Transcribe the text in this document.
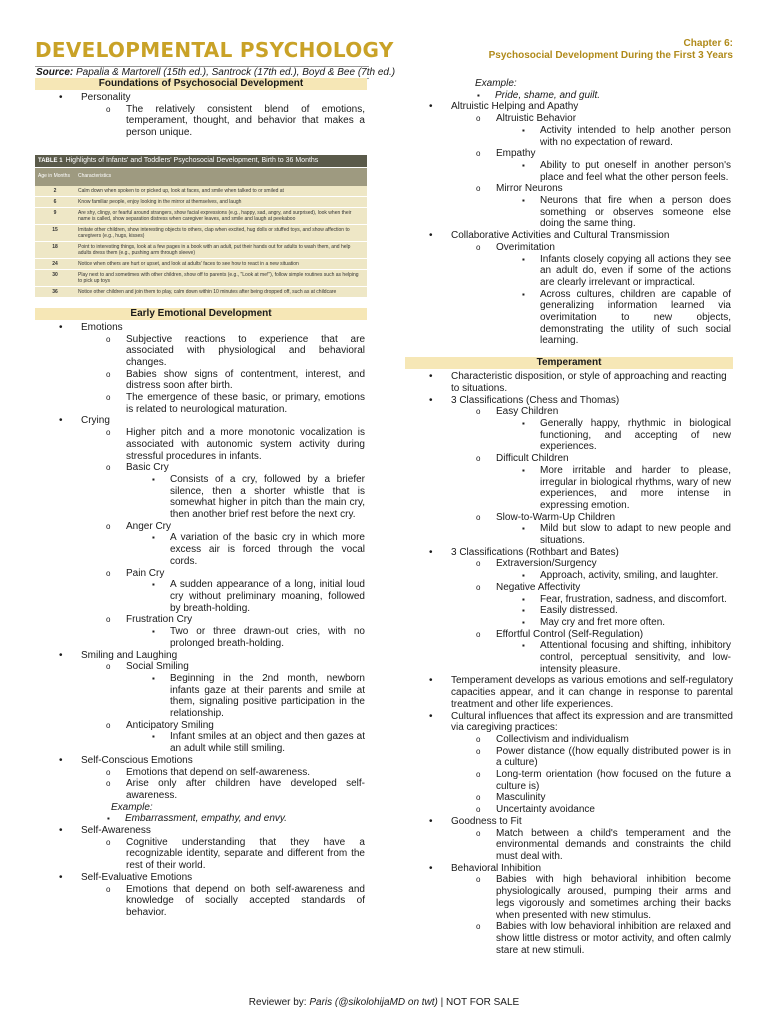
DEVELOPMENTAL PSYCHOLOGY	Chapter 6:
Psychosocial Development During the First 3 Years
Source: Papalia & Martorell (15th ed.), Santrock (17th ed.), Boyd & Bee (7th ed.)
Foundations of Psychosocial Development
• Personality
o The relatively consistent blend of emotions, temperament, thought, and behavior that makes a person unique.
TABLE 1 Highlights of Infants' and Toddlers' Psychosocial Development, Birth to 36 Months	
Age in Months	Characteristics
2	Calm down when spoken to or picked up, look at faces, and smile when talked to or smiled at
6	Know familiar people, enjoy looking in the mirror at themselves, and laugh
9	Are shy, clingy, or fearful around strangers, show facial expressions (e.g., happy, sad, angry, and surprised), look when their name is called, show separation distress when caregiver leaves, and smile and laugh at peekaboo
15	Imitate other children, show interesting objects to others, clap when excited, hug dolls or stuffed toys, and show affection to caregivers (e.g., hugs, kisses)
18	Point to interesting things, look at a few pages in a book with an adult, put their hands out for adults to wash them, and help adults dress them (e.g., pushing arm through sleeve)
24	Notice when others are hurt or upset, and look at adults' faces to see how to react in a new situation
30	Play next to and sometimes with other children, show off to parents (e.g., "Look at me!"), follow simple routines such as helping to pick up toys
36	Notice other children and join them to play, calm down within 10 minutes after being dropped off, such as at childcare
Early Emotional Development
• Emotions
o Subjective reactions to experience that are associated with physiological and behavioral changes.
o Babies show signs of contentment, interest, and distress soon after birth.
o The emergence of these basic, or primary, emotions is related to neurological maturation.
• Crying
o Higher pitch and a more monotonic vocalization is associated with autonomic system activity during stressful procedures in infants.
o Basic Cry
▪ Consists of a cry, followed by a briefer silence, then a shorter whistle that is somewhat higher in pitch than the main cry, then another brief rest before the next cry.
o Anger Cry
▪ A variation of the basic cry in which more excess air is forced through the vocal cords.
o Pain Cry
▪ A sudden appearance of a long, initial loud cry without preliminary moaning, followed by breath-holding.
o Frustration Cry
▪ Two or three drawn-out cries, with no prolonged breath-holding.
• Smiling and Laughing
o Social Smiling
▪ Beginning in the 2nd month, newborn infants gaze at their parents and smile at them, signaling positive participation in the relationship.
o Anticipatory Smiling
▪ Infant smiles at an object and then gazes at an adult while still smiling.
• Self-Conscious Emotions
o Emotions that depend on self-awareness.
o Arise only after children have developed self-awareness.
Example:
▪ Embarrassment, empathy, and envy.
• Self-Awareness
o Cognitive understanding that they have a recognizable identity, separate and different from the rest of their world.
• Self-Evaluative Emotions
o Emotions that depend on both self-awareness and knowledge of socially accepted standards of behavior.
Example:
▪ Pride, shame, and guilt.
• Altruistic Helping and Apathy
o Altruistic Behavior
▪ Activity intended to help another person with no expectation of reward.
o Empathy
▪ Ability to put oneself in another person's place and feel what the other person feels.
o Mirror Neurons
▪ Neurons that fire when a person does something or observes someone else doing the same thing.
• Collaborative Activities and Cultural Transmission
o Overimitation
▪ Infants closely copying all actions they see an adult do, even if some of the actions are clearly irrelevant or impractical.
▪ Across cultures, children are capable of generalizing information learned via overimitation to new objects, demonstrating the utility of such social learning.
Temperament
• Characteristic disposition, or style of approaching and reacting to situations.
• 3 Classifications (Chess and Thomas)
o Easy Children
▪ Generally happy, rhythmic in biological functioning, and accepting of new experiences.
o Difficult Children
▪ More irritable and harder to please, irregular in biological rhythms, wary of new experiences, and more intense in expressing emotion.
o Slow-to-Warm-Up Children
▪ Mild but slow to adapt to new people and situations.
• 3 Classifications (Rothbart and Bates)
o Extraversion/Surgency
▪ Approach, activity, smiling, and laughter.
o Negative Affectivity
▪ Fear, frustration, sadness, and discomfort.
▪ Easily distressed.
▪ May cry and fret more often.
o Effortful Control (Self-Regulation)
▪ Attentional focusing and shifting, inhibitory control, perceptual sensitivity, and low-intensity pleasure.
• Temperament develops as various emotions and self-regulatory capacities appear, and it can change in response to parental treatment and other life experiences.
• Cultural influences that affect its expression and are transmitted via caregiving practices:
o Collectivism and individualism
o Power distance ((how equally distributed power is in a culture)
o Long-term orientation (how focused on the future a culture is)
o Masculinity
o Uncertainty avoidance
• Goodness to Fit
o Match between a child's temperament and the environmental demands and constraints the child must deal with.
• Behavioral Inhibition
o Babies with high behavioral inhibition become physiologically aroused, pumping their arms and legs vigorously and sometimes arching their backs when presented with new stimulus.
o Babies with low behavioral inhibition are relaxed and show little distress or motor activity, and often calmly stare at new stimuli.
Reviewer by: Paris (@sikolohijaMD on twt) | NOT FOR SALE
